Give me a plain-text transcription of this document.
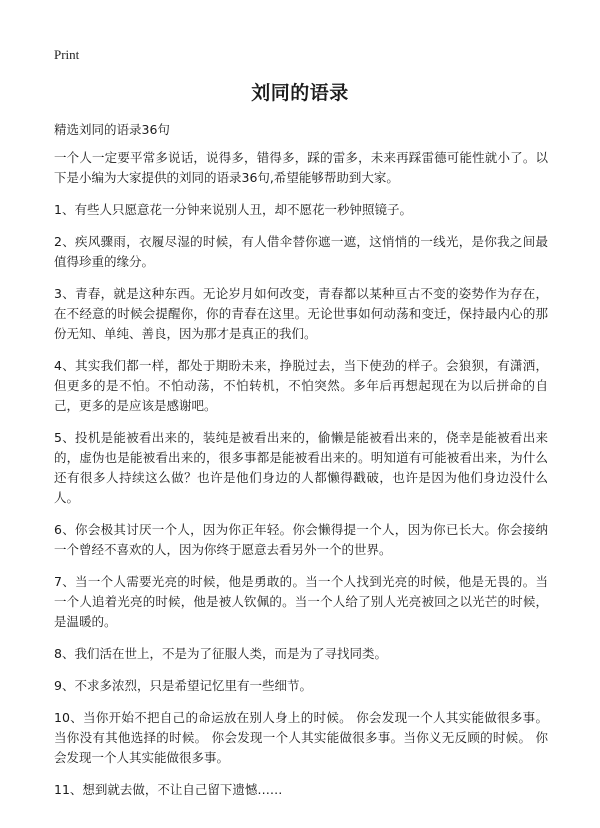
Print
刘同的语录
精选刘同的语录36句

一个人一定要平常多说话，说得多，错得多，踩的雷多，未来再踩雷德可能性就小了。以下是小编为大家提供的刘同的语录36句,希望能够帮助到大家。

1、有些人只愿意花一分钟来说别人丑，却不愿花一秒钟照镜子。

2、疾风骤雨，衣履尽湿的时候，有人借伞替你遮一遮，这悄悄的一线光，是你我之间最值得珍重的缘分。

3、青春，就是这种东西。无论岁月如何改变，青春都以某种亘古不变的姿势作为存在，在不经意的时候会提醒你，你的青春在这里。无论世事如何动荡和变迁，保持最内心的那份无知、单纯、善良，因为那才是真正的我们。

4、其实我们都一样，都处于期盼未来，挣脱过去，当下使劲的样子。会狼狈，有潇洒，但更多的是不怕。不怕动荡，不怕转机，不怕突然。多年后再想起现在为以后拼命的自己，更多的是应该是感谢吧。

5、投机是能被看出来的，装纯是被看出来的，偷懒是能被看出来的，侥幸是能被看出来的，虚伪也是能被看出来的，很多事都是能被看出来的。明知道有可能被看出来，为什么还有很多人持续这么做？也许是他们身边的人都懒得戳破，也许是因为他们身边没什么人。

6、你会极其讨厌一个人，因为你正年轻。你会懒得提一个人，因为你已长大。你会接纳一个曾经不喜欢的人，因为你终于愿意去看另外一个的世界。

7、当一个人需要光亮的时候，他是勇敢的。当一个人找到光亮的时候，他是无畏的。当一个人追着光亮的时候，他是被人钦佩的。当一个人给了别人光亮被回之以光芒的时候，是温暖的。

8、我们活在世上，不是为了征服人类，而是为了寻找同类。

9、不求多浓烈，只是希望记忆里有一些细节。

10、当你开始不把自己的命运放在别人身上的时候。 你会发现一个人其实能做很多事。 当你没有其他选择的时候。 你会发现一个人其实能做很多事。当你义无反顾的时候。 你会发现一个人其实能做很多事。

11、想到就去做，不让自己留下遗憾……
